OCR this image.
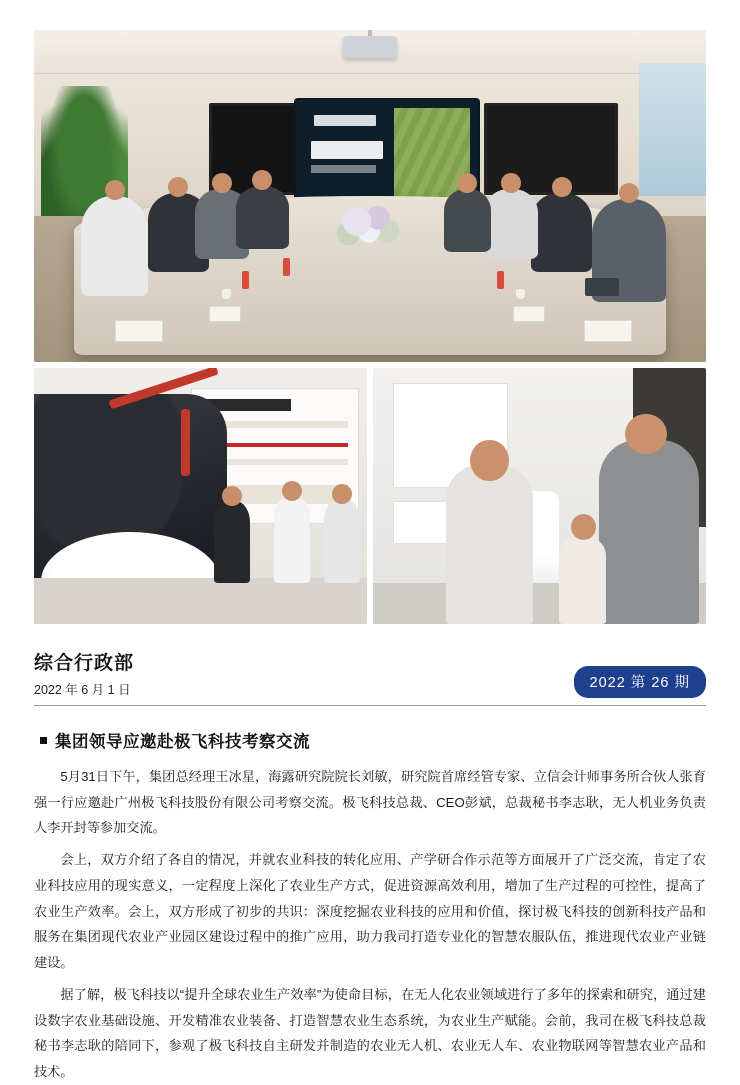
综合行政部

2022 年 6 月 1 日	2022 第 26 期
集团领导应邀赴极飞科技考察交流

5月31日下午，集团总经理王冰星，海露研究院院长刘敏，研究院首席经管专家、立信会计师事务所合伙人张育强一行应邀赴广州极飞科技股份有限公司考察交流。极飞科技总裁、CEO彭斌，总裁秘书李志耿，无人机业务负责人李开封等参加交流。

会上，双方介绍了各自的情况，并就农业科技的转化应用、产学研合作示范等方面展开了广泛交流，肯定了农业科技应用的现实意义，一定程度上深化了农业生产方式，促进资源高效利用，增加了生产过程的可控性，提高了农业生产效率。会上，双方形成了初步的共识：深度挖掘农业科技的应用和价值，探讨极飞科技的创新科技产品和服务在集团现代农业产业园区建设过程中的推广应用，助力我司打造专业化的智慧农服队伍，推进现代农业产业链建设。

据了解，极飞科技以“提升全球农业生产效率”为使命目标，在无人化农业领域进行了多年的探索和研究，通过建设数字农业基础设施、开发精准农业装备、打造智慧农业生态系统，为农业生产赋能。会前，我司在极飞科技总裁秘书李志耿的陪同下，参观了极飞科技自主研发并制造的农业无人机、农业无人车、农业物联网等智慧农业产品和技术。
